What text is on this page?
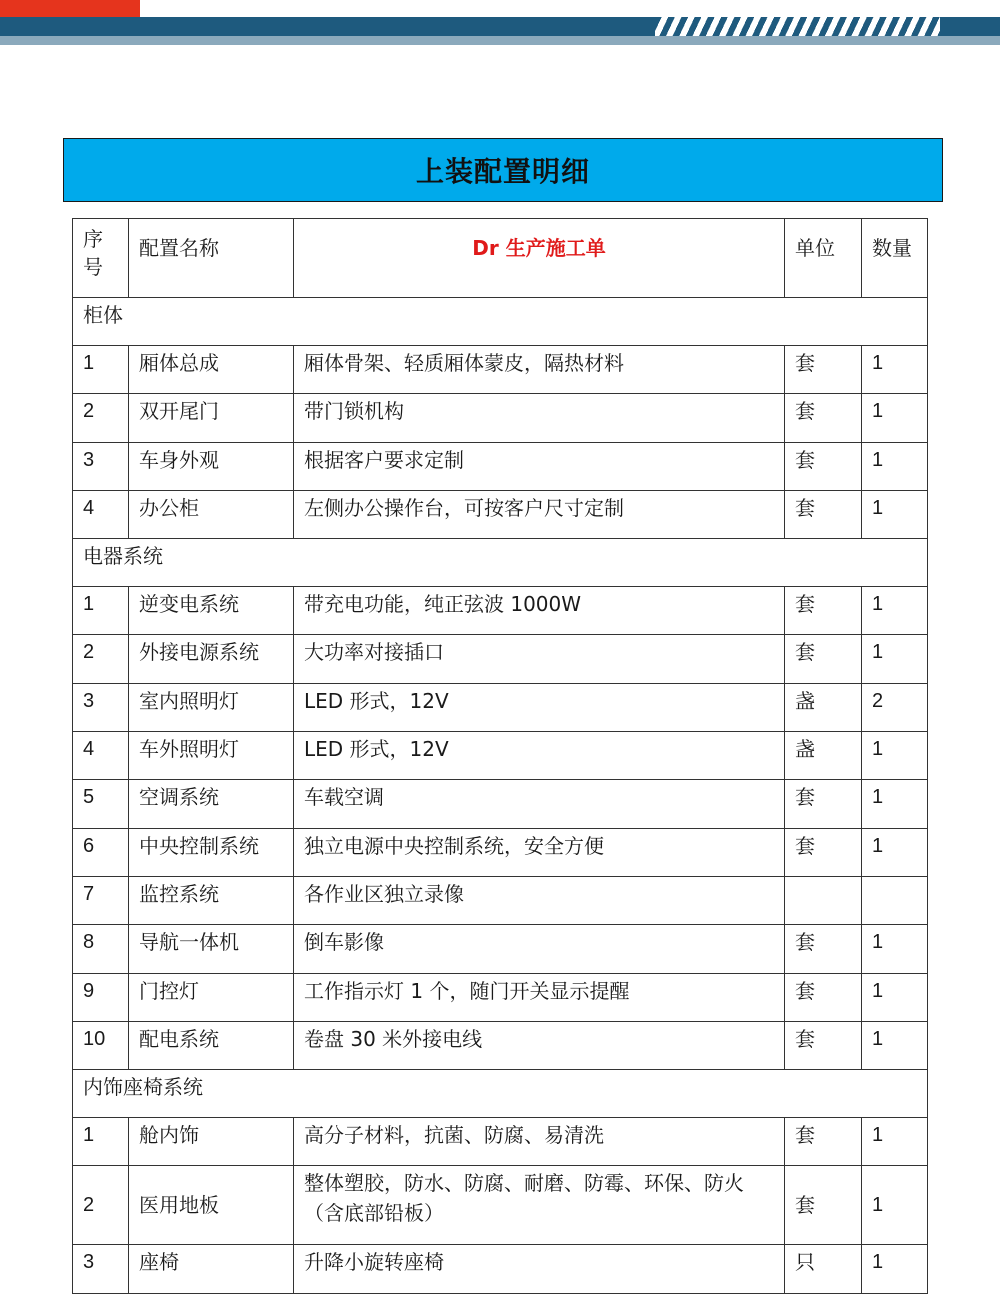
上装配置明细
序号	配置名称	Dr 生产施工单	单位	数量
柜体				
1	厢体总成	厢体骨架、轻质厢体蒙皮，隔热材料	套	1
2	双开尾门	带门锁机构	套	1
3	车身外观	根据客户要求定制	套	1
4	办公柜	左侧办公操作台，可按客户尺寸定制	套	1
电器系统				
1	逆变电系统	带充电功能，纯正弦波 1000W	套	1
2	外接电源系统	大功率对接插口	套	1
3	室内照明灯	LED 形式，12V	盏	2
4	车外照明灯	LED 形式，12V	盏	1
5	空调系统	车载空调	套	1
6	中央控制系统	独立电源中央控制系统，安全方便	套	1
7	监控系统	各作业区独立录像		
8	导航一体机	倒车影像	套	1
9	门控灯	工作指示灯 1 个，随门开关显示提醒	套	1
10	配电系统	卷盘 30 米外接电线	套	1
内饰座椅系统				
1	舱内饰	高分子材料，抗菌、防腐、易清洗	套	1
2	医用地板	整体塑胶，防水、防腐、耐磨、防霉、环保、防火（含底部铅板）	套	1
3	座椅	升降小旋转座椅	只	1
